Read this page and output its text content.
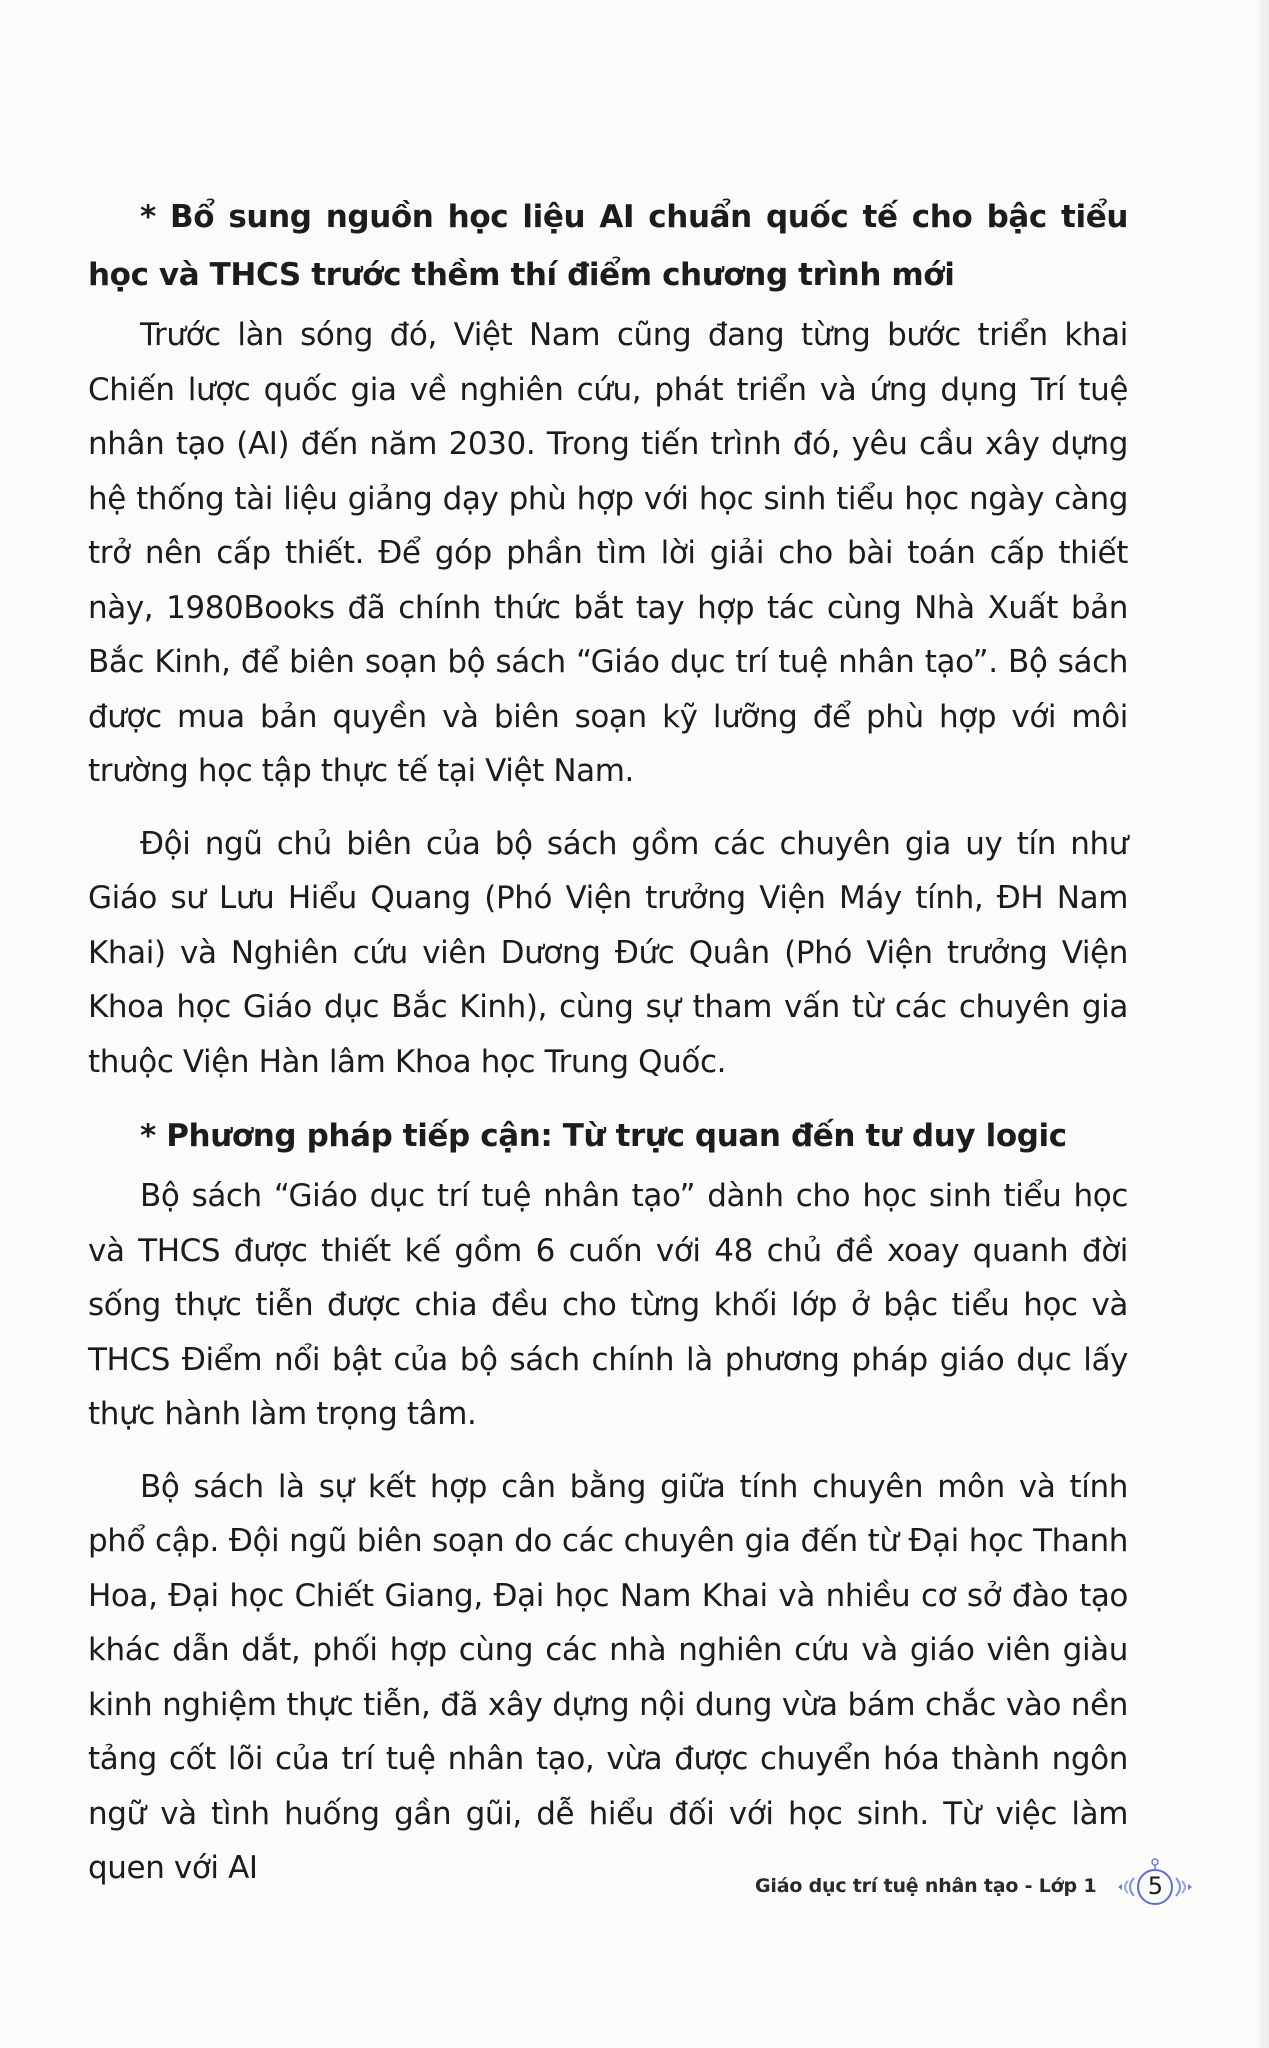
* Bổ sung nguồn học liệu AI chuẩn quốc tế cho bậc tiểu học và THCS trước thềm thí điểm chương trình mới

Trước làn sóng đó, Việt Nam cũng đang từng bước triển khai Chiến lược quốc gia về nghiên cứu, phát triển và ứng dụng Trí tuệ nhân tạo (AI) đến năm 2030. Trong tiến trình đó, yêu cầu xây dựng hệ thống tài liệu giảng dạy phù hợp với học sinh tiểu học ngày càng trở nên cấp thiết. Để góp phần tìm lời giải cho bài toán cấp thiết này, 1980Books đã chính thức bắt tay hợp tác cùng Nhà Xuất bản Bắc Kinh, để biên soạn bộ sách “Giáo dục trí tuệ nhân tạo”. Bộ sách được mua bản quyền và biên soạn kỹ lưỡng để phù hợp với môi trường học tập thực tế tại Việt Nam.

Đội ngũ chủ biên của bộ sách gồm các chuyên gia uy tín như Giáo sư Lưu Hiểu Quang (Phó Viện trưởng Viện Máy tính, ĐH Nam Khai) và Nghiên cứu viên Dương Đức Quân (Phó Viện trưởng Viện Khoa học Giáo dục Bắc Kinh), cùng sự tham vấn từ các chuyên gia thuộc Viện Hàn lâm Khoa học Trung Quốc.

* Phương pháp tiếp cận: Từ trực quan đến tư duy logic

Bộ sách “Giáo dục trí tuệ nhân tạo” dành cho học sinh tiểu học và THCS được thiết kế gồm 6 cuốn với 48 chủ đề xoay quanh đời sống thực tiễn được chia đều cho từng khối lớp ở bậc tiểu học và THCS Điểm nổi bật của bộ sách chính là phương pháp giáo dục lấy thực hành làm trọng tâm.

Bộ sách là sự kết hợp cân bằng giữa tính chuyên môn và tính phổ cập. Đội ngũ biên soạn do các chuyên gia đến từ Đại học Thanh Hoa, Đại học Chiết Giang, Đại học Nam Khai và nhiều cơ sở đào tạo khác dẫn dắt, phối hợp cùng các nhà nghiên cứu và giáo viên giàu kinh nghiệm thực tiễn, đã xây dựng nội dung vừa bám chắc vào nền tảng cốt lõi của trí tuệ nhân tạo, vừa được chuyển hóa thành ngôn ngữ và tình huống gần gũi, dễ hiểu đối với học sinh. Từ việc làm quen với AI	Giáo dục trí tuệ nhân tạo - Lớp 1 5
